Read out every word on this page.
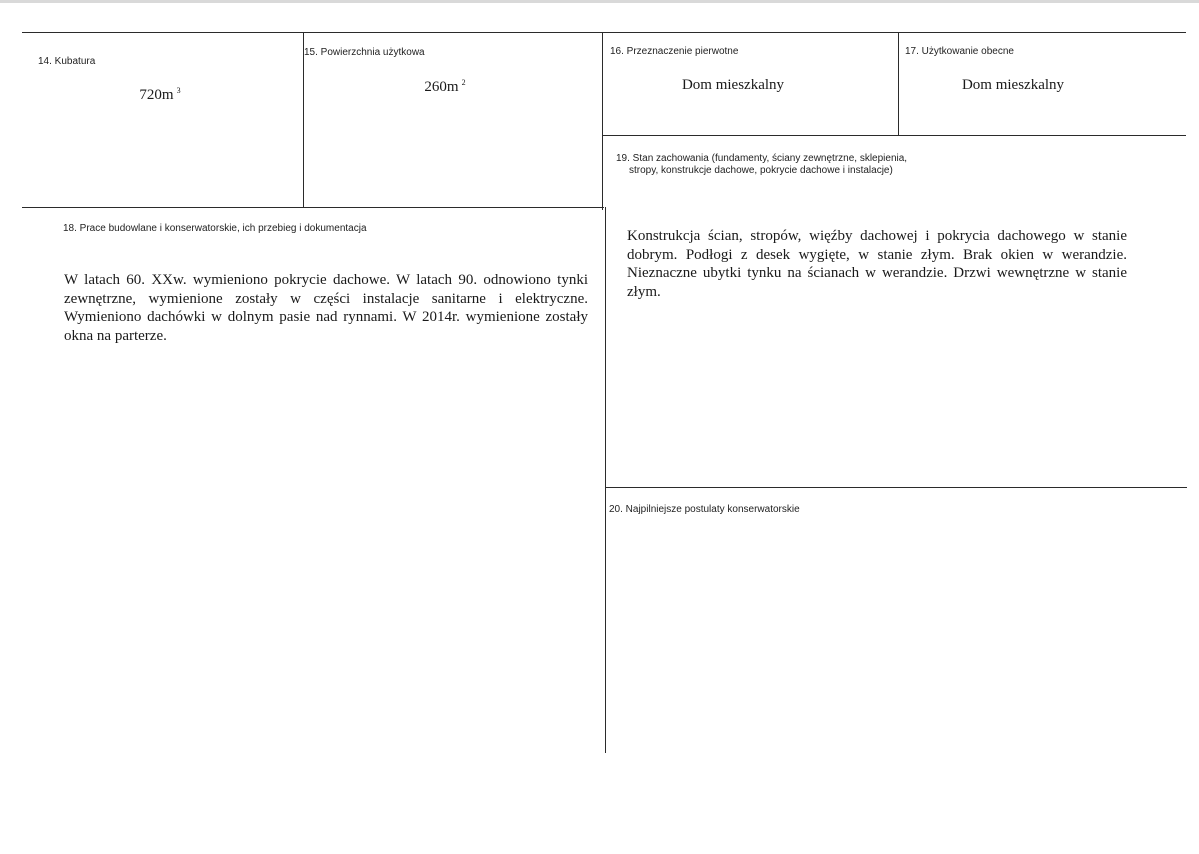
14. Kubatura
720m $^3$
15. Powierzchnia użytkowa
260m $^2$
16. Przeznaczenie pierwotne
Dom mieszkalny
17. Użytkowanie obecne
Dom mieszkalny
19. Stan zachowania (fundamenty, ściany zewnętrzne, sklepienia,
stropy, konstrukcje dachowe, pokrycie dachowe i instalacje)
Konstrukcja ścian, stropów, więźby dachowej i pokrycia dachowego w stanie dobrym. Podłogi z desek wygięte, w stanie złym. Brak okien w werandzie. Nieznaczne ubytki tynku na ścianach w werandzie. Drzwi wewnętrzne w stanie złym.
18. Prace budowlane i konserwatorskie, ich przebieg i dokumentacja
W latach 60. XXw. wymieniono pokrycie dachowe. W latach 90. odnowiono tynki zewnętrzne, wymienione zostały w części instalacje sanitarne i elektryczne. Wymieniono dachówki w dolnym pasie nad rynnami. W 2014r. wymienione zostały okna na parterze.
20. Najpilniejsze postulaty konserwatorskie
